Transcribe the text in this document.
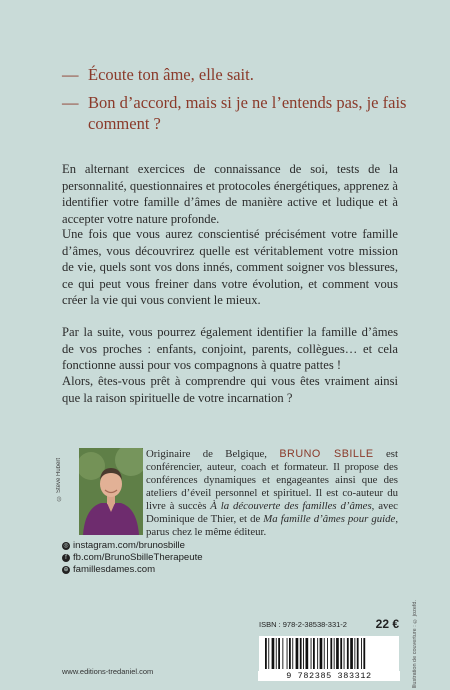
— Écoute ton âme, elle sait.
— Bon d’accord, mais si je ne l’entends pas, je fais comment ?

En alternant exercices de connaissance de soi, tests de la personnalité, questionnaires et protocoles énergétiques, apprenez à identifier votre famille d’âmes de manière active et ludique et à accepter votre nature profonde.

Une fois que vous aurez conscientisé précisément votre famille d’âmes, vous découvrirez quelle est véritablement votre mission de vie, quels sont vos dons innés, comment soigner vos blessures, ce qui peut vous freiner dans votre évolution, et comment vous créer la vie qui vous convient le mieux.

Par la suite, vous pourrez également identifier la famille d’âmes de vos proches : enfants, conjoint, parents, collègues… et cela fonctionne aussi pour vos compagnons à quatre pattes !

Alors, êtes-vous prêt à comprendre qui vous êtes vraiment ainsi que la raison spirituelle de votre incarnation ?

© Steve Hubert
Originaire de Belgique, BRUNO SBILLE est conférencier, auteur, coach et formateur. Il propose des conférences dynamiques et engageantes ainsi que des ateliers d’éveil personnel et spirituel. Il est co-auteur du livre à succès À la découverte des familles d’âmes, avec Dominique de Thier, et de Ma famille d’âmes pour guide, parus chez le même éditeur.
◎ instagram.com/brunosbille
f fb.com/BrunoSbilleTherapeute
⊕ famillesdames.com
ISBN : 978-2-38538-331-2 22 €
9 782385 383312	Illustration de couverture : © jozefd.
www.editions-tredaniel.com
